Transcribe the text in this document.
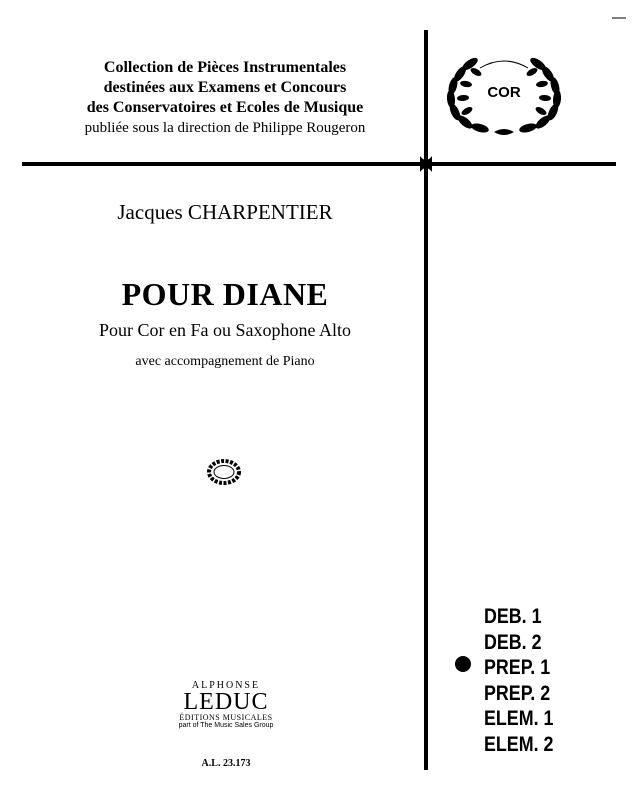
Collection de Pièces Instrumentales
destinées aux Examens et Concours
des Conservatoires et Ecoles de Musique
publiée sous la direction de Philippe Rougeron
COR
Jacques CHARPENTIER
POUR DIANE
Pour Cor en Fa ou Saxophone Alto
avec accompagnement de Piano
ALPHONSE
LEDUC
ÉDITIONS MUSICALES
part of The Music Sales Group
A.L. 23.173
DEB. 1
DEB. 2
PREP. 1
PREP. 2
ELEM. 1
ELEM. 2
